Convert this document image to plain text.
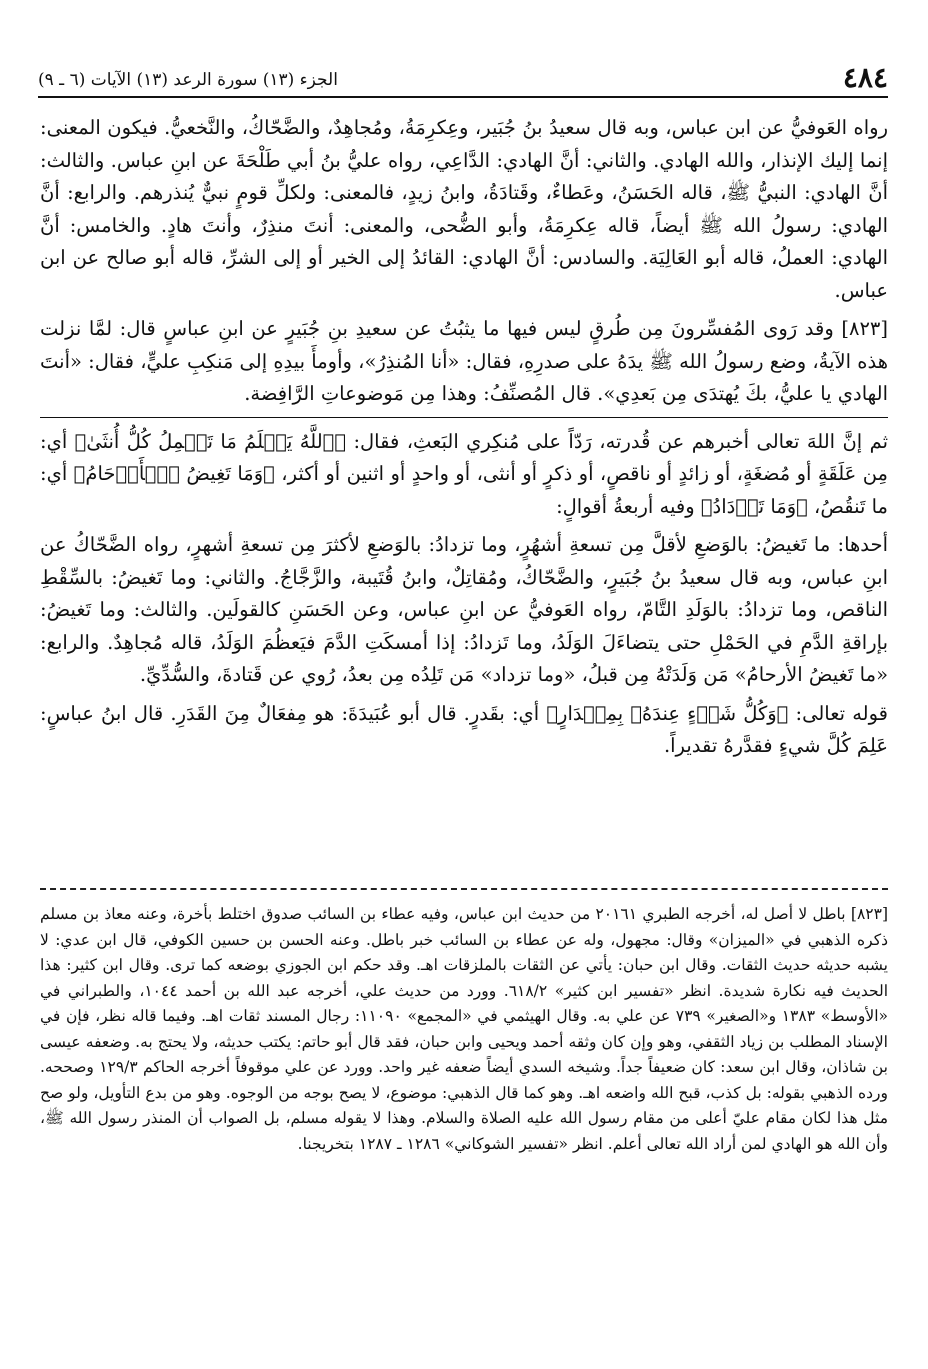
٤٨٤
الجزء (١٣) سورة الرعد (١٣) الآيات (٦ ـ ٩)

رواه العَوفيُّ عن ابن عباس، وبه قال سعيدُ بنُ جُبَير، وعِكرِمَةُ، ومُجاهِدٌ، والضَّحّاكُ، والنَّخعيُّ. فيكون المعنى: إنما إليك الإنذار، والله الهادي. والثاني: أنَّ الهادي: الدَّاعِي، رواه عليُّ بنُ أبي طَلْحَةَ عن ابنِ عباس. والثالث: أنَّ الهادي: النبيُّ ﷺ، قاله الحَسَنُ، وعَطاءٌ، وقَتادَةُ، وابنُ زيدٍ، فالمعنى: ولكلِّ قومٍ نبيٌّ يُنذرهم. والرابع: أنَّ الهادي: رسولُ الله ﷺ أيضاً، قاله عِكرِمَةُ، وأبو الضُّحى، والمعنى: أنتَ منذِرٌ، وأنتَ هادٍ. والخامس: أنَّ الهادي: العملُ، قاله أبو العَالِيَة. والسادس: أنَّ الهادي: القائدُ إلى الخير أو إلى الشرِّ، قاله أبو صالح عن ابن عباس.

[٨٢٣] وقد رَوى المُفسِّرونَ مِن طُرقٍ ليس فيها ما يثبُتُ عن سعيدِ بنِ جُبَيرٍ عن ابنِ عباسٍ قال: لمَّا نزلت هذه الآيةُ، وضع رسولُ الله ﷺ يدَهُ على صدرِهِ، فقال: «أنا المُنذِرُ»، وأومأَ بيدِهِ إلى مَنكِبِ عليٍّ، فقال: «أنتَ الهادي يا عليُّ، بكَ يُهتدَى مِن بَعدِي». قال المُصنِّفُ: وهذا مِن مَوضوعاتِ الرَّافِضة.

ثم إنَّ اللهَ تعالى أخبرهم عن قُدرته، رَدّاً على مُنكِري البَعثِ، فقال: ﴿ٱللَّهُ يَعۡلَمُ مَا تَحۡمِلُ كُلُّ أُنثَىٰ﴾ أي: مِن عَلَقَةٍ أو مُضغَةٍ، أو زائدٍ أو ناقصٍ، أو ذكرٍ أو أنثى، أو واحدٍ أو اثنين أو أكثر، ﴿وَمَا تَغِيضُ ٱلۡأَرۡحَامُ﴾ أي: ما تَنقُصُ، ﴿وَمَا تَزۡدَادُ﴾ وفيه أربعةُ أقوالٍ:

أحدها: ما تَغيضُ: بالوَضعِ لأقلَّ مِن تسعةِ أشهُرٍ، وما تزدادُ: بالوَضعِ لأكثرَ مِن تسعةِ أشهرٍ، رواه الضَّحّاكُ عن ابنِ عباس، وبه قال سعيدُ بنُ جُبَيرٍ، والضَّحّاكُ، ومُقاتِلٌ، وابنُ قُتَيبة، والزَّجَّاجُ. والثاني: وما تَغيضُ: بالسِّقْطِ الناقص، وما تزدادُ: بالوَلَدِ التَّامّ، رواه العَوفيُّ عن ابنِ عباس، وعن الحَسَنِ كالقولَين. والثالث: وما تَغيضُ: بإراقةِ الدَّمِ في الحَمْلِ حتى يتضاءَلَ الوَلَدُ، وما تَزدادُ: إذا أمسكَتِ الدَّمَ فيَعظُمَ الوَلَدُ، قاله مُجاهِدٌ. والرابع: «ما تَغيضُ الأرحامُ» مَن وَلَدَتْهُ مِن قبلُ، «وما تزداد» مَن تَلِدُه مِن بعدُ، رُوي عن قَتادةَ، والسُّدِّيِّ.

قوله تعالى: ﴿وَكُلُّ شَيۡءٍ عِندَهُۥ بِمِقۡدَارٍ﴾ أي: بقَدرٍ. قال أبو عُبَيدَةَ: هو مِفعَالٌ مِنَ القَدَرِ. قال ابنُ عباسٍ: عَلِمَ كُلَّ شيءٍ فقدَّرهُ تقديراً.

[٨٢٣] باطل لا أصل له، أخرجه الطبري ٢٠١٦١ من حديث ابن عباس، وفيه عطاء بن السائب صدوق اختلط بأخرة، وعنه معاذ بن مسلم ذكره الذهبي في «الميزان» وقال: مجهول، وله عن عطاء بن السائب خبر باطل. وعنه الحسن بن حسين الكوفي، قال ابن عدي: لا يشبه حديثه حديث الثقات. وقال ابن حبان: يأتي عن الثقات بالملزقات اهـ. وقد حكم ابن الجوزي بوضعه كما ترى. وقال ابن كثير: هذا الحديث فيه نكارة شديدة. انظر «تفسير ابن كثير» ٦١٨/٢. وورد من حديث علي، أخرجه عبد الله بن أحمد ١٠٤٤، والطبراني في «الأوسط» ١٣٨٣ و«الصغير» ٧٣٩ عن علي به. وقال الهيثمي في «المجمع» ١١٠٩٠: رجال المسند ثقات اهـ. وفيما قاله نظر، فإن في الإسناد المطلب بن زياد الثقفي، وهو وإن كان وثقه أحمد ويحيى وابن حبان، فقد قال أبو حاتم: يكتب حديثه، ولا يحتج به. وضعفه عيسى بن شاذان، وقال ابن سعد: كان ضعيفاً جداً. وشيخه السدي أيضاً ضعفه غير واحد. وورد عن علي موقوفاً أخرجه الحاكم ١٢٩/٣ وصححه. ورده الذهبي بقوله: بل كذب، قبح الله واضعه اهـ. وهو كما قال الذهبي: موضوع، لا يصح بوجه من الوجوه. وهو من بدع التأويل، ولو صح مثل هذا لكان مقام عليّ أعلى من مقام رسول الله عليه الصلاة والسلام. وهذا لا يقوله مسلم، بل الصواب أن المنذر رسول الله ﷺ، وأن الله هو الهادي لمن أراد الله تعالى أعلم. انظر «تفسير الشوكاني» ١٢٨٦ ـ ١٢٨٧ بتخريجنا.
